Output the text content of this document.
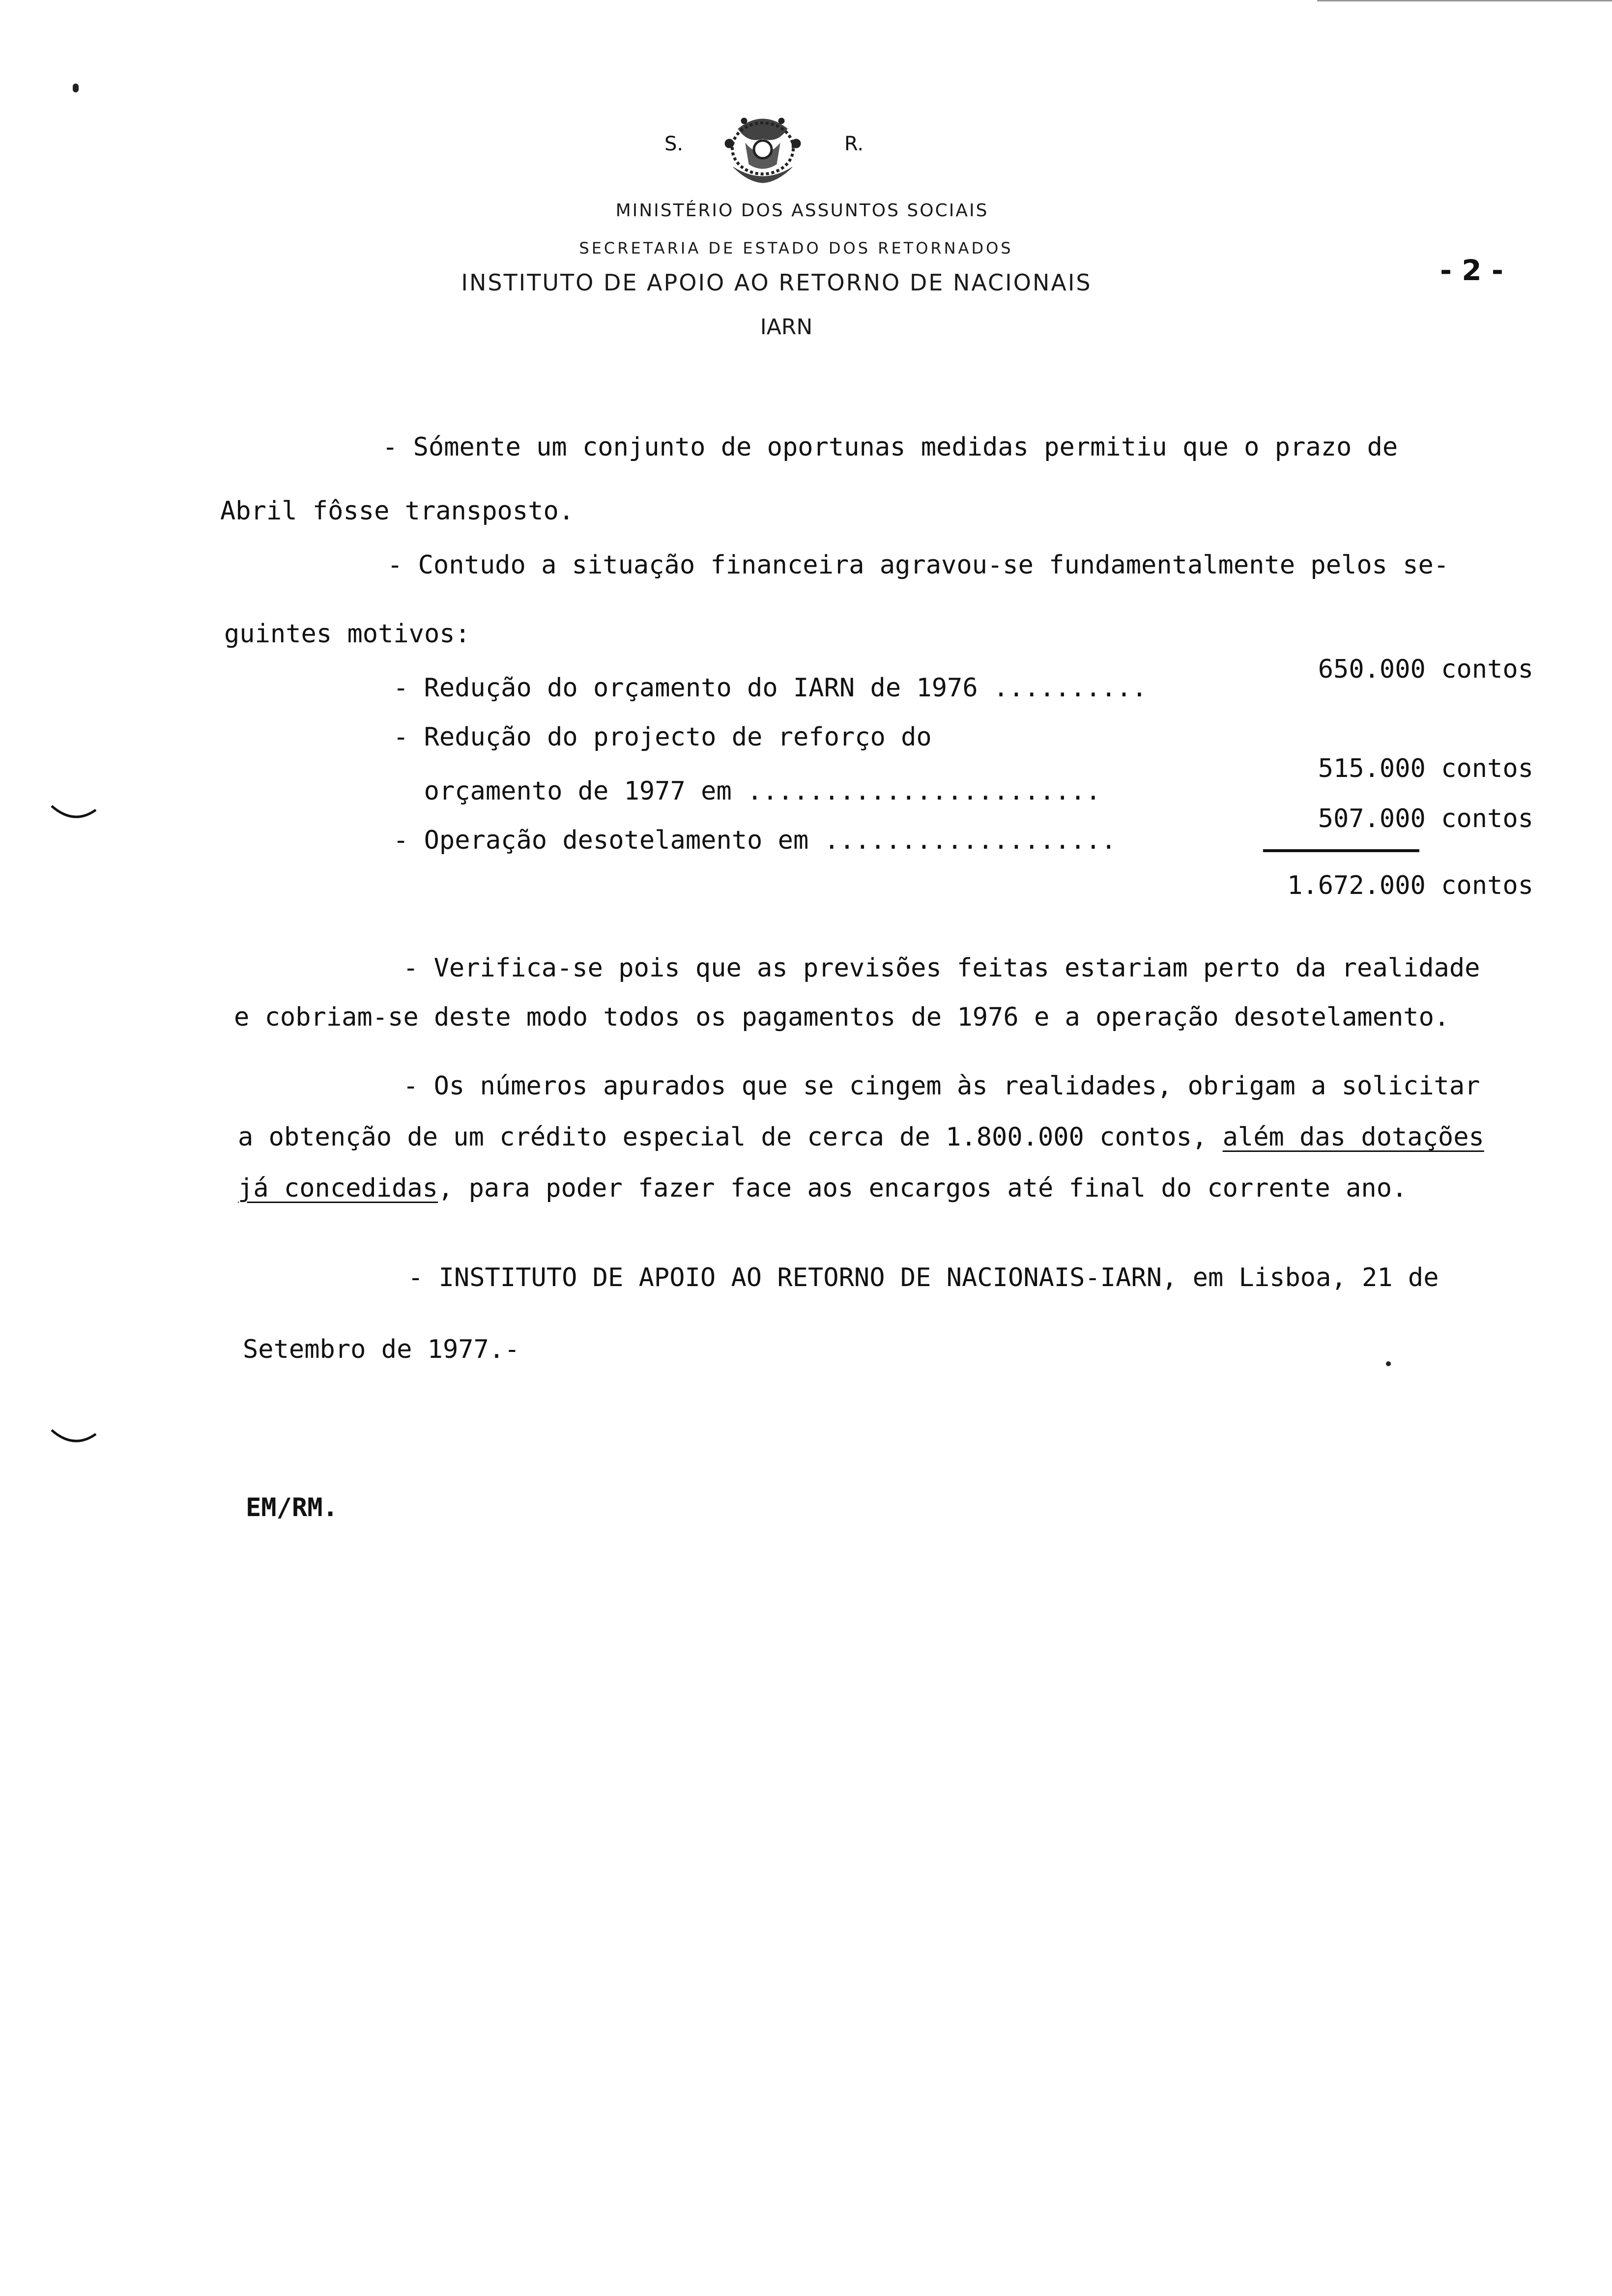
S.	R.
MINISTÉRIO DOS ASSUNTOS SOCIAIS
SECRETARIA DE ESTADO DOS RETORNADOS
INSTITUTO DE APOIO AO RETORNO DE NACIONAIS
IARN
- 2 -
- Sómente um conjunto de oportunas medidas permitiu que o prazo de
Abril fôsse transposto.
- Contudo a situação financeira agravou-se fundamentalmente pelos se-
guintes motivos:
- Redução do orçamento do IARN de 1976 ..........
650.000 contos
- Redução do projecto de reforço do
orçamento de 1977 em .......................
515.000 contos
- Operação desotelamento em ...................
507.000 contos
1.672.000 contos
- Verifica-se pois que as previsões feitas estariam perto da realidade
e cobriam-se deste modo todos os pagamentos de 1976 e a operação desotelamento.
- Os números apurados que se cingem às realidades, obrigam a solicitar
a obtenção de um crédito especial de cerca de 1.800.000 contos, além das dotações
já concedidas, para poder fazer face aos encargos até final do corrente ano.
- INSTITUTO DE APOIO AO RETORNO DE NACIONAIS-IARN, em Lisboa, 21 de
Setembro de 1977.-
EM/RM.
